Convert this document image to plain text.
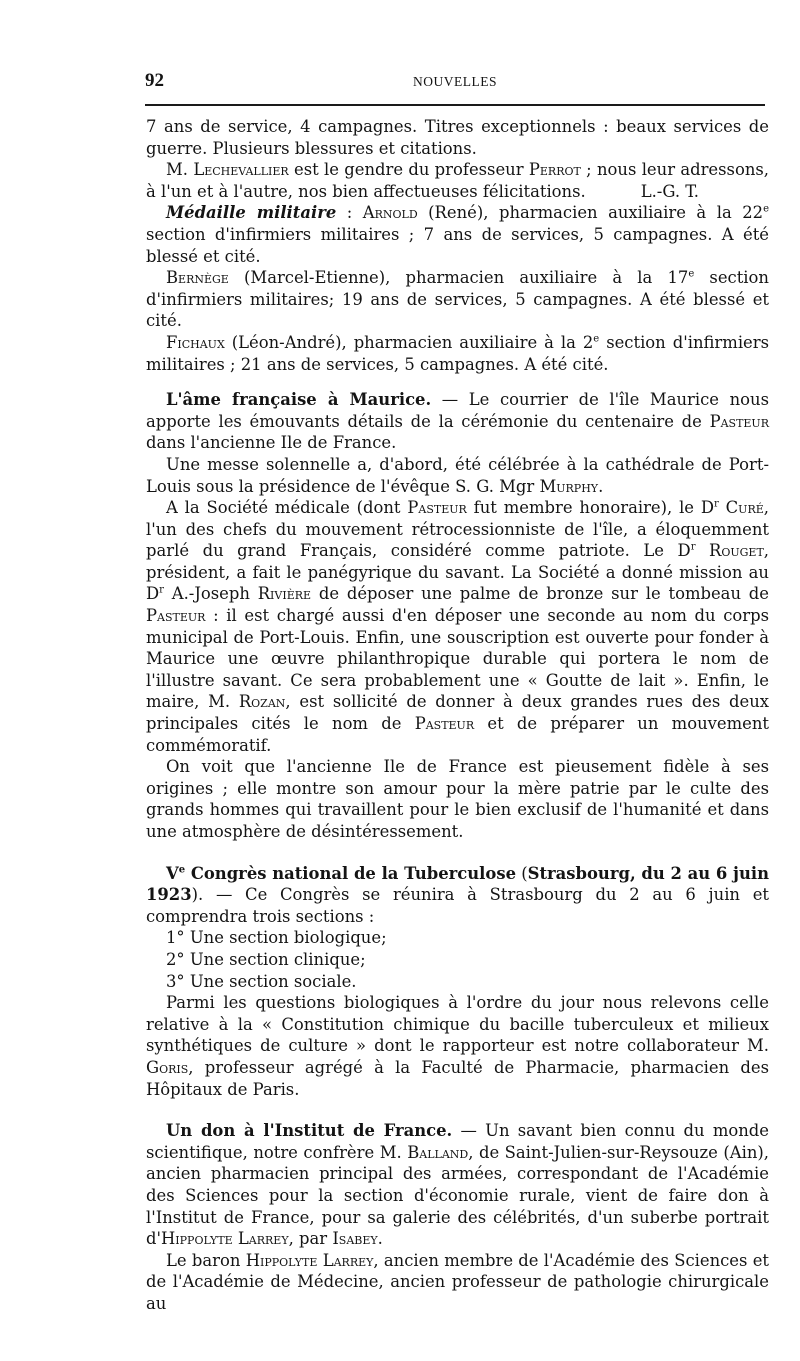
92	NOUVELLES

7 ans de service, 4 campagnes. Titres exceptionnels : beaux services de guerre. Plusieurs blessures et citations.

M. Lechevallier est le gendre du professeur Perrot ; nous leur adressons, à l'un et à l'autre, nos bien affectueuses félicitations.	L.-G. T.

Médaille militaire : Arnold (René), pharmacien auxiliaire à la 22e section d'infirmiers militaires ; 7 ans de services, 5 campagnes. A été blessé et cité.

Bernège (Marcel-Etienne), pharmacien auxiliaire à la 17e section d'infirmiers militaires; 19 ans de services, 5 campagnes. A été blessé et cité.

Fichaux (Léon-André), pharmacien auxiliaire à la 2e section d'infirmiers militaires ; 21 ans de services, 5 campagnes. A été cité.

L'âme française à Maurice. — Le courrier de l'île Maurice nous apporte les émouvants détails de la cérémonie du centenaire de Pasteur dans l'ancienne Ile de France.

Une messe solennelle a, d'abord, été célébrée à la cathédrale de Port-Louis sous la présidence de l'évêque S. G. Mgr Murphy.

A la Société médicale (dont Pasteur fut membre honoraire), le $D^r$ Curé, l'un des chefs du mouvement rétrocessionniste de l'île, a éloquemment parlé du grand Français, considéré comme patriote. Le $D^r$ Rouget, président, a fait le panégyrique du savant. La Société a donné mission au $D^r$ A.-Joseph Rivière de déposer une palme de bronze sur le tombeau de Pasteur : il est chargé aussi d'en déposer une seconde au nom du corps municipal de Port-Louis. Enfin, une souscription est ouverte pour fonder à Maurice une œuvre philanthropique durable qui portera le nom de l'illustre savant. Ce sera probablement une « Goutte de lait ». Enfin, le maire, M. Rozan, est sollicité de donner à deux grandes rues des deux principales cités le nom de Pasteur et de préparer un mouvement commémoratif.

On voit que l'ancienne Ile de France est pieusement fidèle à ses origines ; elle montre son amour pour la mère patrie par le culte des grands hommes qui travaillent pour le bien exclusif de l'humanité et dans une atmosphère de désintéressement.

Ve Congrès national de la Tuberculose (Strasbourg, du 2 au 6 juin 1923). — Ce Congrès se réunira à Strasbourg du 2 au 6 juin et comprendra trois sections :

1° Une section biologique;

2° Une section clinique;

3° Une section sociale.

Parmi les questions biologiques à l'ordre du jour nous relevons celle relative à la « Constitution chimique du bacille tuberculeux et milieux synthétiques de culture » dont le rapporteur est notre collaborateur M. Goris, professeur agrégé à la Faculté de Pharmacie, pharmacien des Hôpitaux de Paris.

Un don à l'Institut de France. — Un savant bien connu du monde scientifique, notre confrère M. Balland, de Saint-Julien-sur-Reysouze (Ain), ancien pharmacien principal des armées, correspondant de l'Académie des Sciences pour la section d'économie rurale, vient de faire don à l'Institut de France, pour sa galerie des célébrités, d'un suberbe portrait d'Hippolyte Larrey, par Isabey.

Le baron Hippolyte Larrey, ancien membre de l'Académie des Sciences et de l'Académie de Médecine, ancien professeur de pathologie chirurgicale au
